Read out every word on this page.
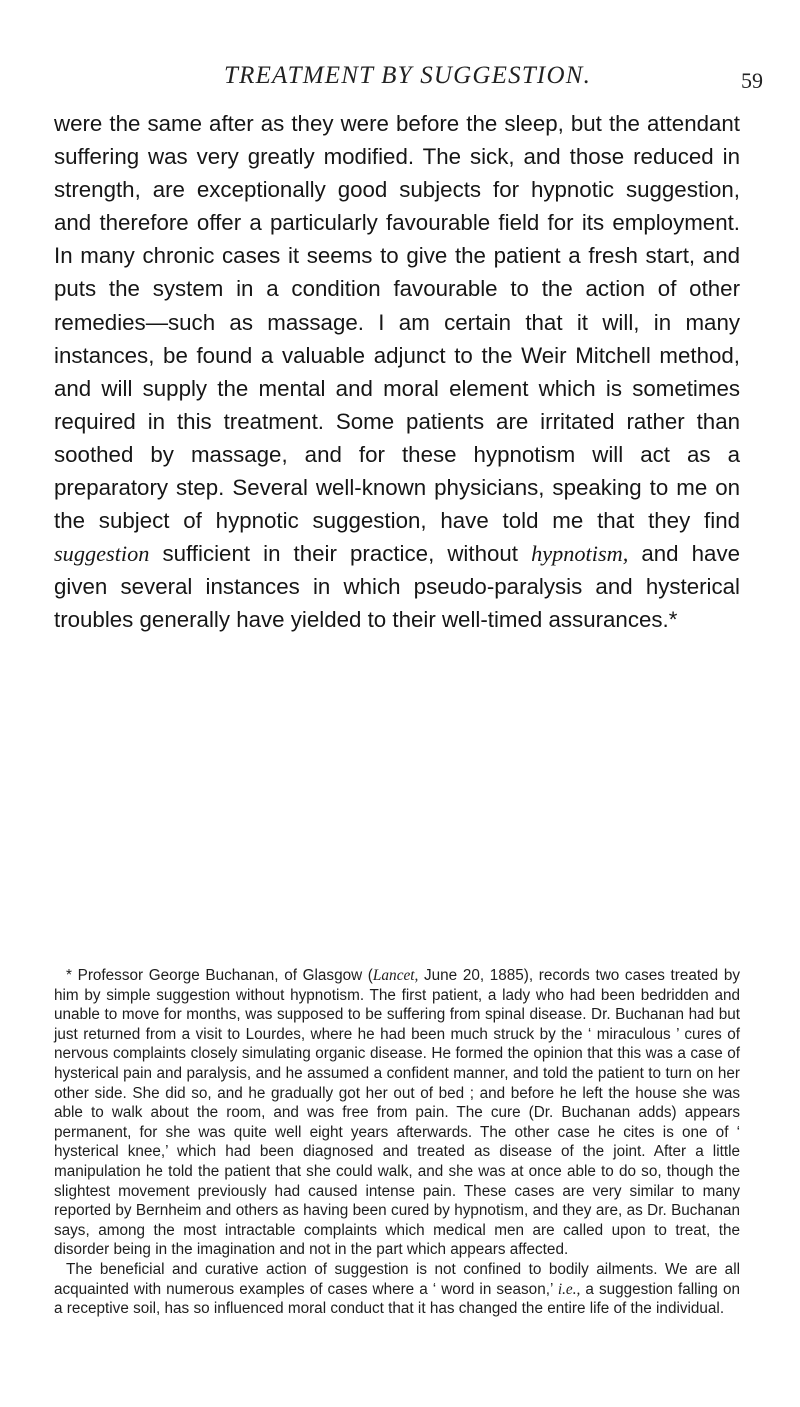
TREATMENT BY SUGGESTION.	59

were the same after as they were before the sleep, but the attendant suffering was very greatly modified. The sick, and those reduced in strength, are exceptionally good subjects for hypnotic suggestion, and therefore offer a particularly favourable field for its employment. In many chronic cases it seems to give the patient a fresh start, and puts the system in a condition favourable to the action of other remedies—such as massage. I am certain that it will, in many instances, be found a valuable adjunct to the Weir Mitchell method, and will supply the mental and moral element which is sometimes required in this treatment. Some patients are irritated rather than soothed by massage, and for these hypnotism will act as a preparatory step. Several well-known physicians, speaking to me on the subject of hypnotic suggestion, have told me that they find suggestion sufficient in their practice, without hypnotism, and have given several instances in which pseudo-paralysis and hysterical troubles generally have yielded to their well-timed assurances.*

* Professor George Buchanan, of Glasgow (Lancet, June 20, 1885), records two cases treated by him by simple suggestion without hypnotism. The first patient, a lady who had been bedridden and unable to move for months, was supposed to be suffering from spinal disease. Dr. Buchanan had but just returned from a visit to Lourdes, where he had been much struck by the ‘ miraculous ’ cures of nervous complaints closely simulating organic disease. He formed the opinion that this was a case of hysterical pain and paralysis, and he assumed a confident manner, and told the patient to turn on her other side. She did so, and he gradually got her out of bed ; and before he left the house she was able to walk about the room, and was free from pain. The cure (Dr. Buchanan adds) appears permanent, for she was quite well eight years afterwards. The other case he cites is one of ‘ hysterical knee,’ which had been diagnosed and treated as disease of the joint. After a little manipulation he told the patient that she could walk, and she was at once able to do so, though the slightest movement previously had caused intense pain. These cases are very similar to many reported by Bernheim and others as having been cured by hypnotism, and they are, as Dr. Buchanan says, among the most intractable complaints which medical men are called upon to treat, the disorder being in the imagination and not in the part which appears affected.

The beneficial and curative action of suggestion is not confined to bodily ailments. We are all acquainted with numerous examples of cases where a ‘ word in season,’ i.e., a suggestion falling on a receptive soil, has so influenced moral conduct that it has changed the entire life of the individual.
